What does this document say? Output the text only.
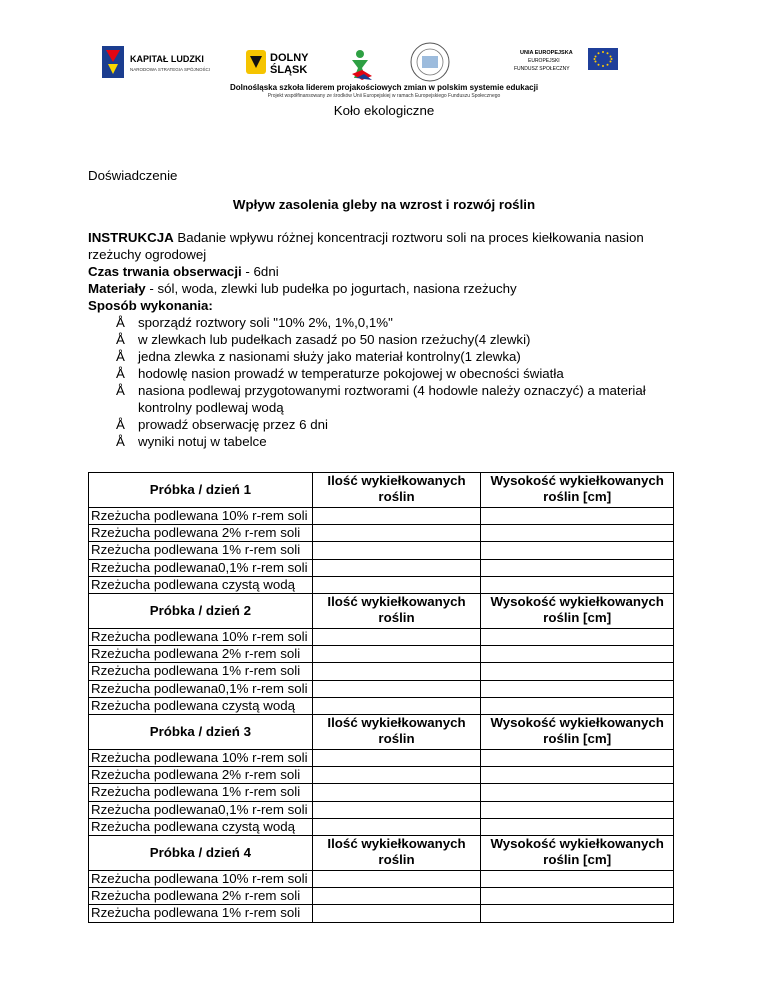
KAPITAŁ LUDZKI
NARODOWA STRATEGIA SPÓJNOŚCI
DOLNY
ŚLĄSK
UNIA EUROPEJSKA
EUROPEJSKI
FUNDUSZ SPOŁECZNY
Dolnośląska szkoła liderem projakościowych zmian w polskim systemie edukacji
Projekt współfinansowany ze środków Unii Europejskiej w ramach Europejskiego Funduszu Społecznego
Koło ekologiczne
Doświadczenie
Wpływ zasolenia gleby na wzrost i rozwój roślin
INSTRUKCJA Badanie wpływu różnej koncentracji roztworu soli na proces kiełkowania nasion
rzeżuchy ogrodowej
Czas trwania obserwacji - 6dni
Materiały - sól, woda, zlewki lub pudełka po jogurtach, nasiona rzeżuchy
Sposób wykonania:
Å sporządź roztwory soli "10% 2%, 1%,0,1%"
Å w zlewkach lub pudełkach zasadź po 50 nasion rzeżuchy(4 zlewki)
Å jedna zlewka z nasionami służy jako materiał kontrolny(1 zlewka)
Å hodowlę nasion prowadź w temperaturze pokojowej w obecności światła
Å nasiona podlewaj przygotowanymi roztworami (4 hodowle należy oznaczyć) a materiał
kontrolny podlewaj wodą
Å prowadź obserwację przez 6 dni
Å wyniki notuj w tabelce
Próbka / dzień 1	Ilość wykiełkowanych roślin	Wysokość wykiełkowanych roślin [cm]
Rzeżucha podlewana 10% r-rem soli		
Rzeżucha podlewana 2% r-rem soli		
Rzeżucha podlewana 1% r-rem soli		
Rzeżucha podlewana0,1% r-rem soli		
Rzeżucha podlewana czystą wodą		
Próbka / dzień 2	Ilość wykiełkowanych roślin	Wysokość wykiełkowanych roślin [cm]
Rzeżucha podlewana 10% r-rem soli		
Rzeżucha podlewana 2% r-rem soli		
Rzeżucha podlewana 1% r-rem soli		
Rzeżucha podlewana0,1% r-rem soli		
Rzeżucha podlewana czystą wodą		
Próbka / dzień 3	Ilość wykiełkowanych roślin	Wysokość wykiełkowanych roślin [cm]
Rzeżucha podlewana 10% r-rem soli		
Rzeżucha podlewana 2% r-rem soli		
Rzeżucha podlewana 1% r-rem soli		
Rzeżucha podlewana0,1% r-rem soli		
Rzeżucha podlewana czystą wodą		
Próbka / dzień 4	Ilość wykiełkowanych roślin	Wysokość wykiełkowanych roślin [cm]
Rzeżucha podlewana 10% r-rem soli		
Rzeżucha podlewana 2% r-rem soli		
Rzeżucha podlewana 1% r-rem soli		
